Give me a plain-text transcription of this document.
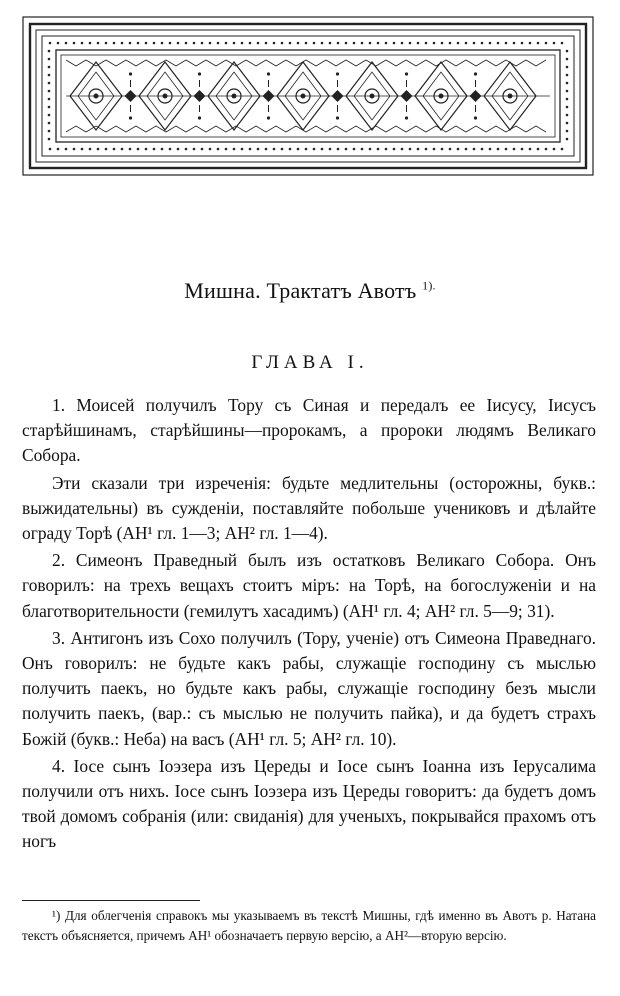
Мишна. Трактатъ Авотъ $^{1).}$
ГЛАВА I.

1. Моисей получилъ Тору съ Синая и передалъ ее Іисусу, Іисусъ старѣйшинамъ, старѣйшины—пророкамъ, а пророки людямъ Великаго Собора.

Эти сказали три изреченія: будьте медлительны (осторожны, букв.: выжидательны) въ сужденіи, поставляйте побольше учениковъ и дѣлайте ограду Торѣ (АН¹ гл. 1—3; АН² гл. 1—4).

2. Симеонъ Праведный былъ изъ остатковъ Великаго Собора. Онъ говорилъ: на трехъ вещахъ стоитъ міръ: на Торѣ, на богослуженіи и на благотворительности (гемилутъ хасадимъ) (АН¹ гл. 4; АН² гл. 5—9; 31).

3. Антигонъ изъ Сохо получилъ (Тору, ученіе) отъ Симеона Праведнаго. Онъ говорилъ: не будьте какъ рабы, служащіе господину съ мыслью получить паекъ, но будьте какъ рабы, служащіе господину безъ мысли получить паекъ, (вар.: съ мыслью не получить пайка), и да будетъ страхъ Божій (букв.: Неба) на васъ (АН¹ гл. 5; АН² гл. 10).

4. Іосе сынъ Іоэзера изъ Цереды и Іосе сынъ Іоанна изъ Іерусалима получили отъ нихъ. Іосе сынъ Іоэзера изъ Цереды говоритъ: да будетъ домъ твой домомъ собранія (или: свиданія) для ученыхъ, покрывайся прахомъ отъ ногъ

¹) Для облегченія справокъ мы указываемъ въ текстѣ Мишны, гдѣ именно въ Авотъ р. Натана текстъ объясняется, причемъ АН¹ обозначаетъ первую версію, а АН²—вторую версію.
